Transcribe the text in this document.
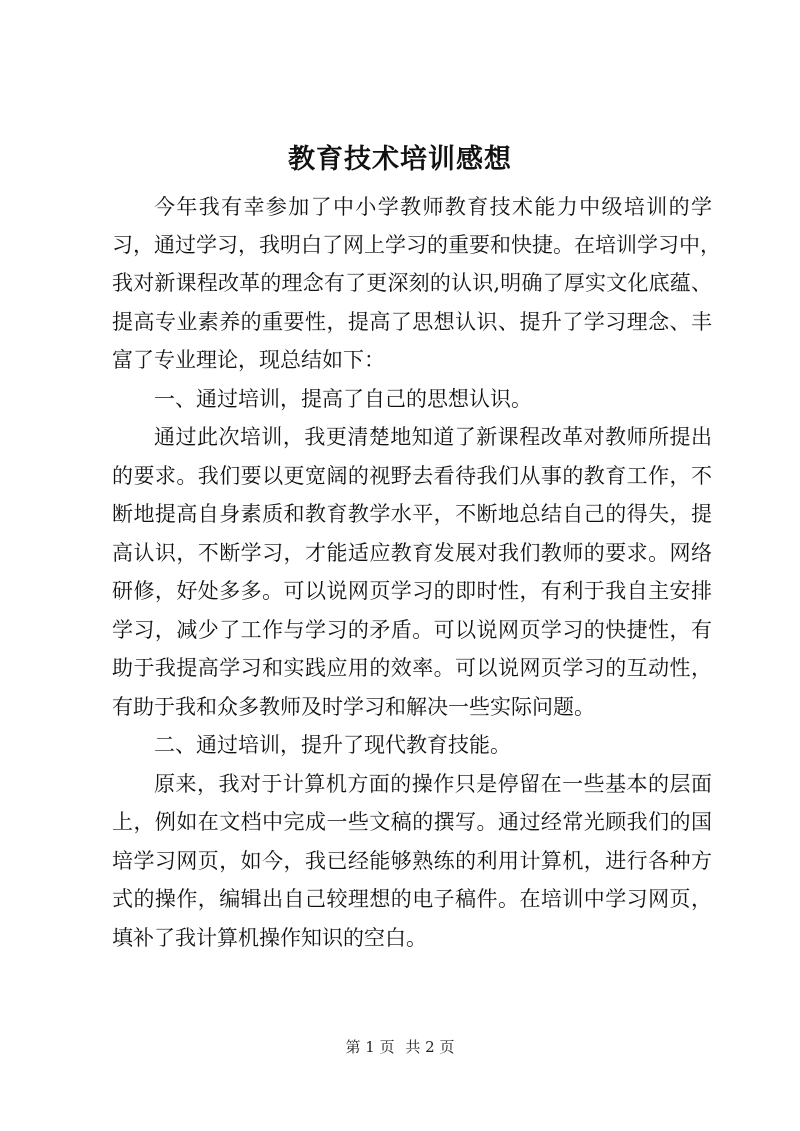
教育技术培训感想

今年我有幸参加了中小学教师教育技术能力中级培训的学

习，通过学习，我明白了网上学习的重要和快捷。在培训学习中，

我对新课程改革的理念有了更深刻的认识,明确了厚实文化底蕴、

提高专业素养的重要性，提高了思想认识、提升了学习理念、丰

富了专业理论，现总结如下：

一、通过培训，提高了自己的思想认识。

通过此次培训，我更清楚地知道了新课程改革对教师所提出

的要求。我们要以更宽阔的视野去看待我们从事的教育工作，不

断地提高自身素质和教育教学水平，不断地总结自己的得失，提

高认识，不断学习，才能适应教育发展对我们教师的要求。网络

研修，好处多多。可以说网页学习的即时性，有利于我自主安排

学习，减少了工作与学习的矛盾。可以说网页学习的快捷性，有

助于我提高学习和实践应用的效率。可以说网页学习的互动性，

有助于我和众多教师及时学习和解决一些实际问题。

二、通过培训，提升了现代教育技能。

原来，我对于计算机方面的操作只是停留在一些基本的层面

上，例如在文档中完成一些文稿的撰写。通过经常光顾我们的国

培学习网页，如今，我已经能够熟练的利用计算机，进行各种方

式的操作，编辑出自己较理想的电子稿件。在培训中学习网页，

填补了我计算机操作知识的空白。

第 1 页 共 2 页
